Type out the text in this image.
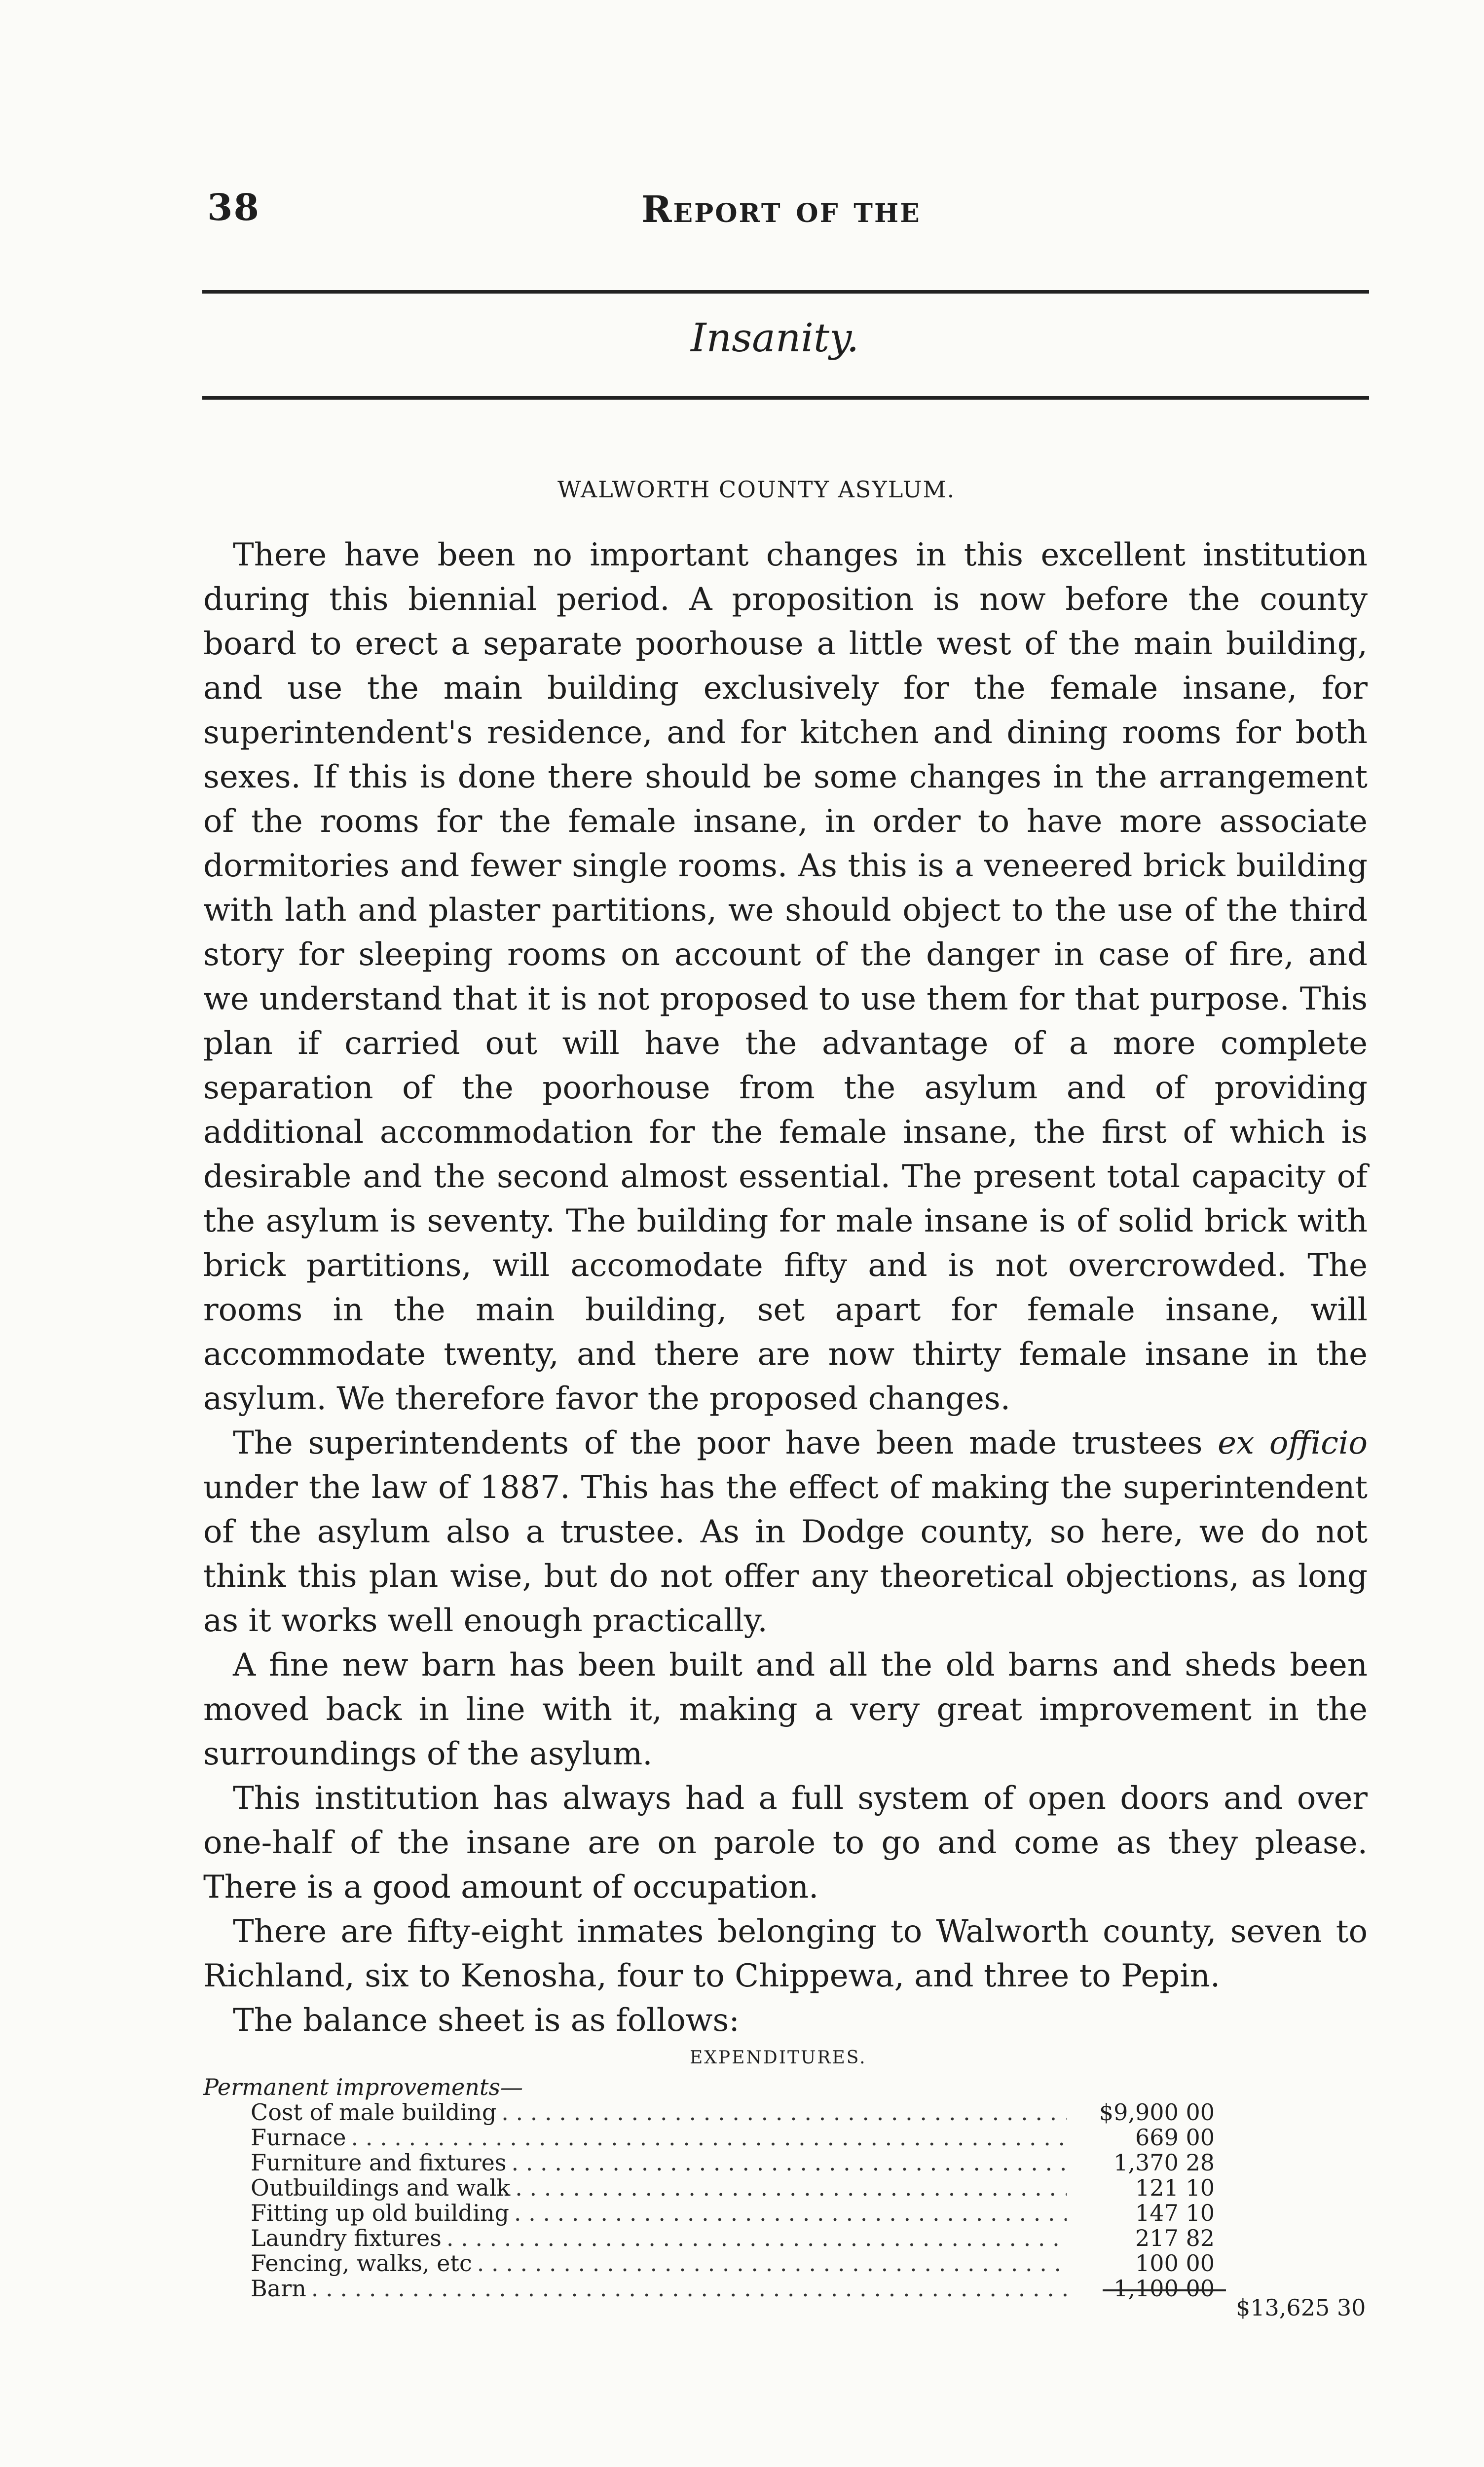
38	Report of the
Insanity.
WALWORTH COUNTY ASYLUM.

There have been no important changes in this excellent institution during this biennial period. A proposition is now before the county board to erect a separate poorhouse a little west of the main building, and use the main building exclusively for the female insane, for superintendent's residence, and for kitchen and dining rooms for both sexes. If this is done there should be some changes in the arrangement of the rooms for the female insane, in order to have more associate dormitories and fewer single rooms. As this is a veneered brick building with lath and plaster partitions, we should object to the use of the third story for sleeping rooms on account of the danger in case of fire, and we understand that it is not proposed to use them for that purpose. This plan if carried out will have the advantage of a more complete separation of the poorhouse from the asylum and of providing additional accommodation for the female insane, the first of which is desirable and the second almost essential. The present total capacity of the asylum is seventy. The building for male insane is of solid brick with brick partitions, will accomodate fifty and is not overcrowded. The rooms in the main building, set apart for female insane, will accommodate twenty, and there are now thirty female insane in the asylum. We therefore favor the proposed changes.

The superintendents of the poor have been made trustees ex officio under the law of 1887. This has the effect of making the superintendent of the asylum also a trustee. As in Dodge county, so here, we do not think this plan wise, but do not offer any theoretical objections, as long as it works well enough practically.

A fine new barn has been built and all the old barns and sheds been moved back in line with it, making a very great improvement in the surroundings of the asylum.

This institution has always had a full system of open doors and over one-half of the insane are on parole to go and come as they please. There is a good amount of occupation.

There are fifty-eight inmates belonging to Walworth county, seven to Richland, six to Kenosha, four to Chippewa, and three to Pepin.

The balance sheet is as follows:

EXPENDITURES.
Permanent improvements—
Cost of male building . . .	$9,900 00
Furnace . . .	669 00
Furniture and fixtures . . .	1,370 28
Outbuildings and walk . . .	121 10
Fitting up old building . . .	147 10
Laundry fixtures . . .	217 82
Fencing, walks, etc . . .	100 00
Barn . . .	1,100 00
$13,625 30
